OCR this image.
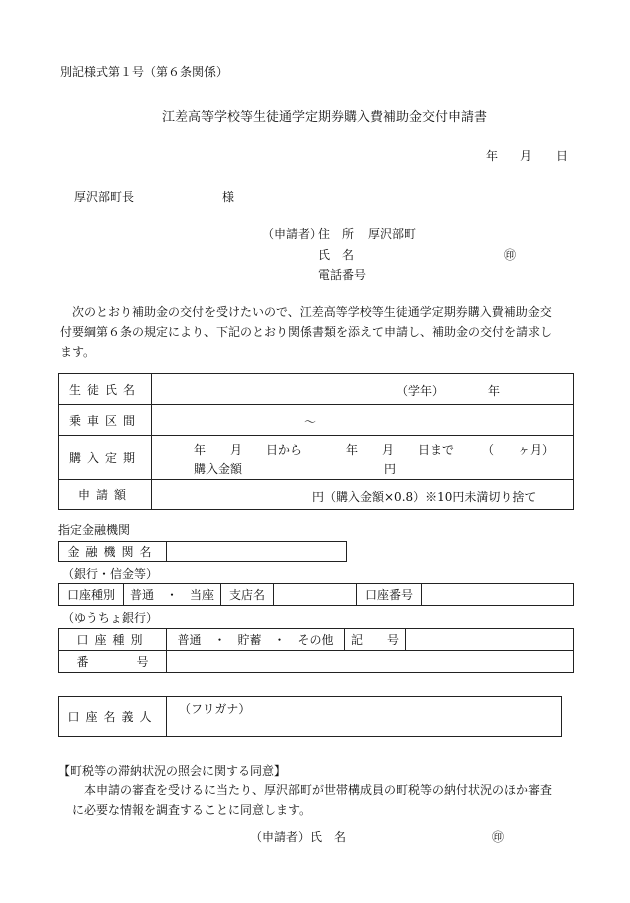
別記様式第１号（第６条関係）
江差高等学校等生徒通学定期券購入費補助金交付申請書
年 月 日
厚沢部町長	様
（申請者）
住　所 厚沢部町
氏　名	㊞
電話番号
次のとおり補助金の交付を受けたいので、江差高等学校等生徒通学定期券購入費補助金交
付要綱第６条の規定により、下記のとおり関係書類を添えて申請し、補助金の交付を請求し
ます。
生徒氏名	（学年） 年

乗車区間	～

購入定期	年　　月　　日から 年　　月　　日まで （　　ヶ月）
購入金額 円

申請額	円（購入金額×0.8）※10円未満切り捨て
指定金融機関
金融機関名	
（銀行・信金等）
口座種別	普通　・　当座	支店名		口座番号	
（ゆうちょ銀行）
口座種別	普通　・　貯蓄　・　その他	記　　号	
番　　　　号			
口座名義人	
（フリガナ）
【町税等の滞納状況の照会に関する同意】
本申請の審査を受けるに当たり、厚沢部町が世帯構成員の町税等の納付状況のほか審査
に必要な情報を調査することに同意します。
（申請者） 氏　名	㊞
